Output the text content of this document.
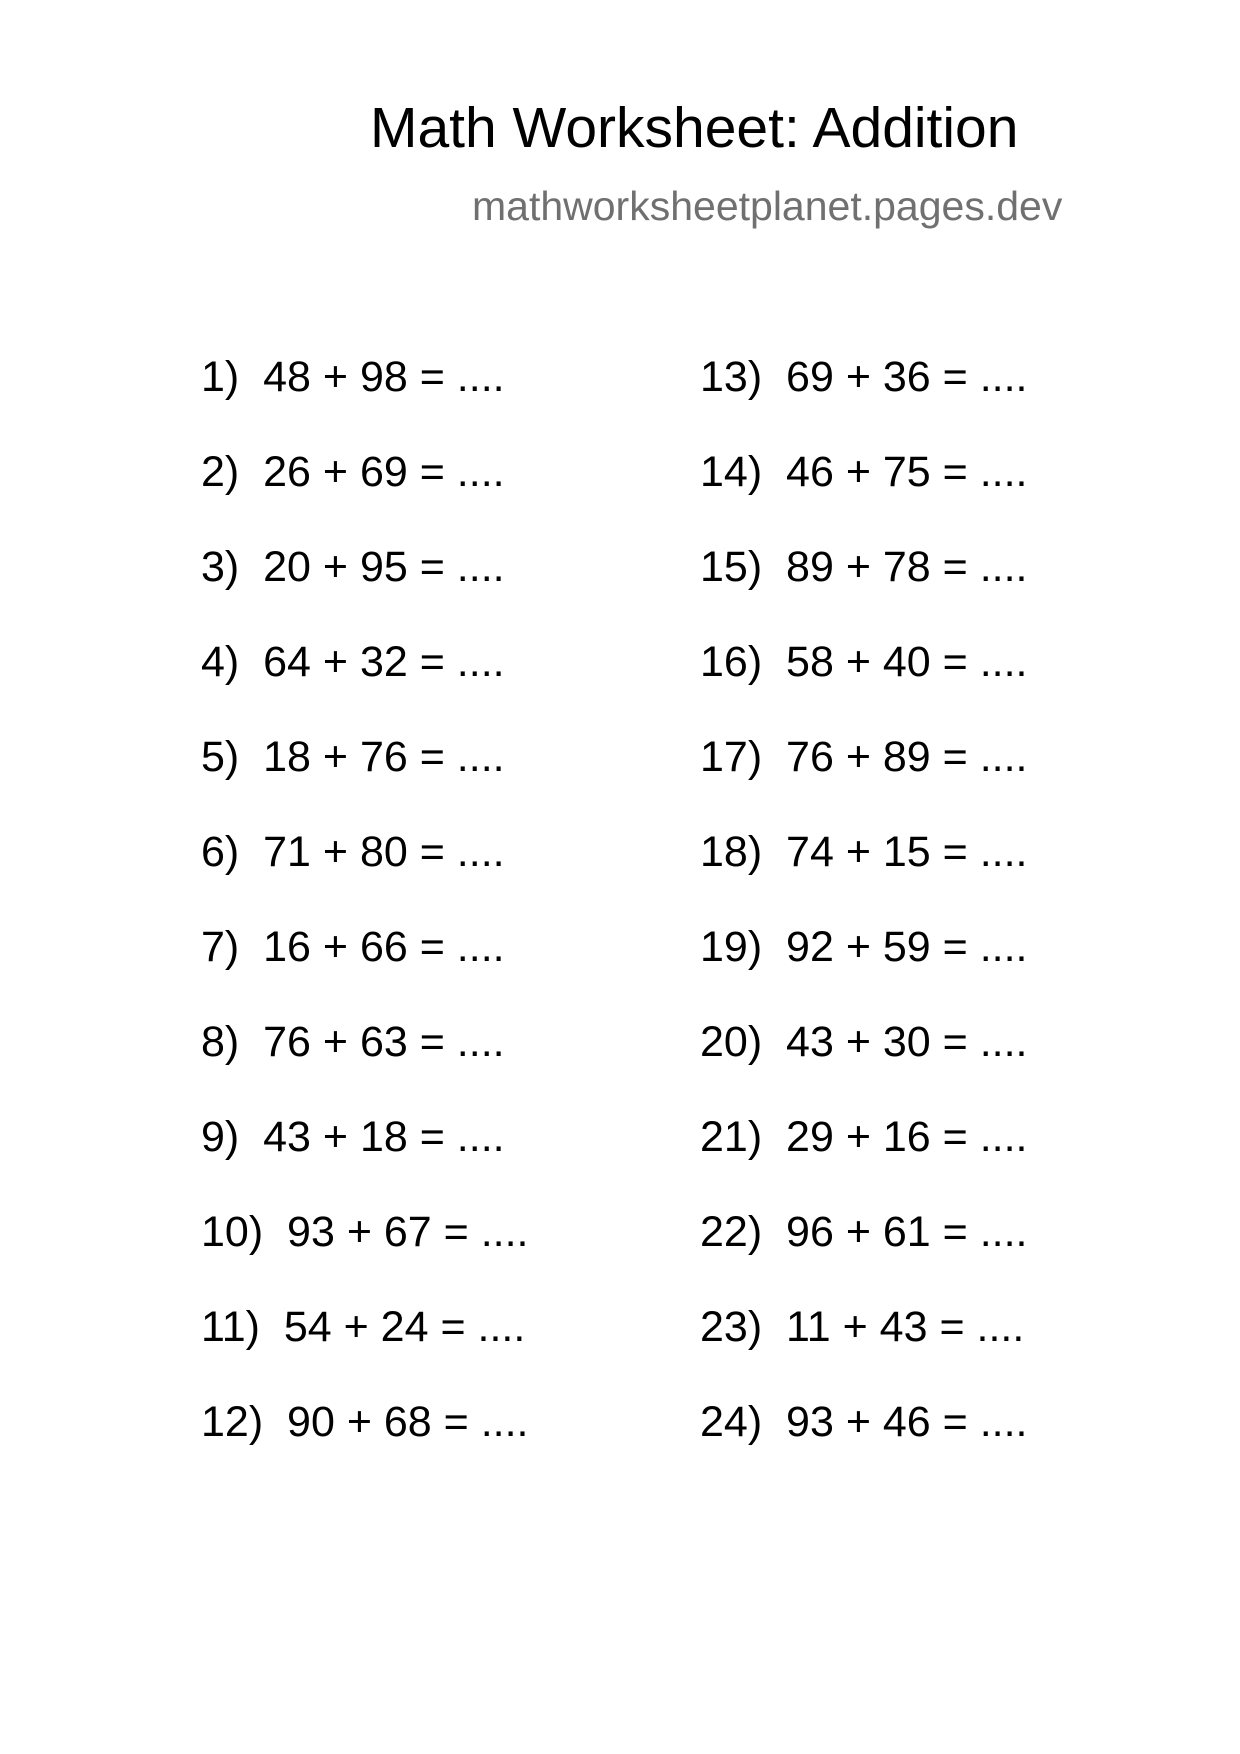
Math Worksheet: Addition
mathworksheetplanet.pages.dev
1)  48 + 98 = ....
2)  26 + 69 = ....
3)  20 + 95 = ....
4)  64 + 32 = ....
5)  18 + 76 = ....
6)  71 + 80 = ....
7)  16 + 66 = ....
8)  76 + 63 = ....
9)  43 + 18 = ....
10)  93 + 67 = ....
11)  54 + 24 = ....
12)  90 + 68 = ....
13)  69 + 36 = ....
14)  46 + 75 = ....
15)  89 + 78 = ....
16)  58 + 40 = ....
17)  76 + 89 = ....
18)  74 + 15 = ....
19)  92 + 59 = ....
20)  43 + 30 = ....
21)  29 + 16 = ....
22)  96 + 61 = ....
23)  11 + 43 = ....
24)  93 + 46 = ....
